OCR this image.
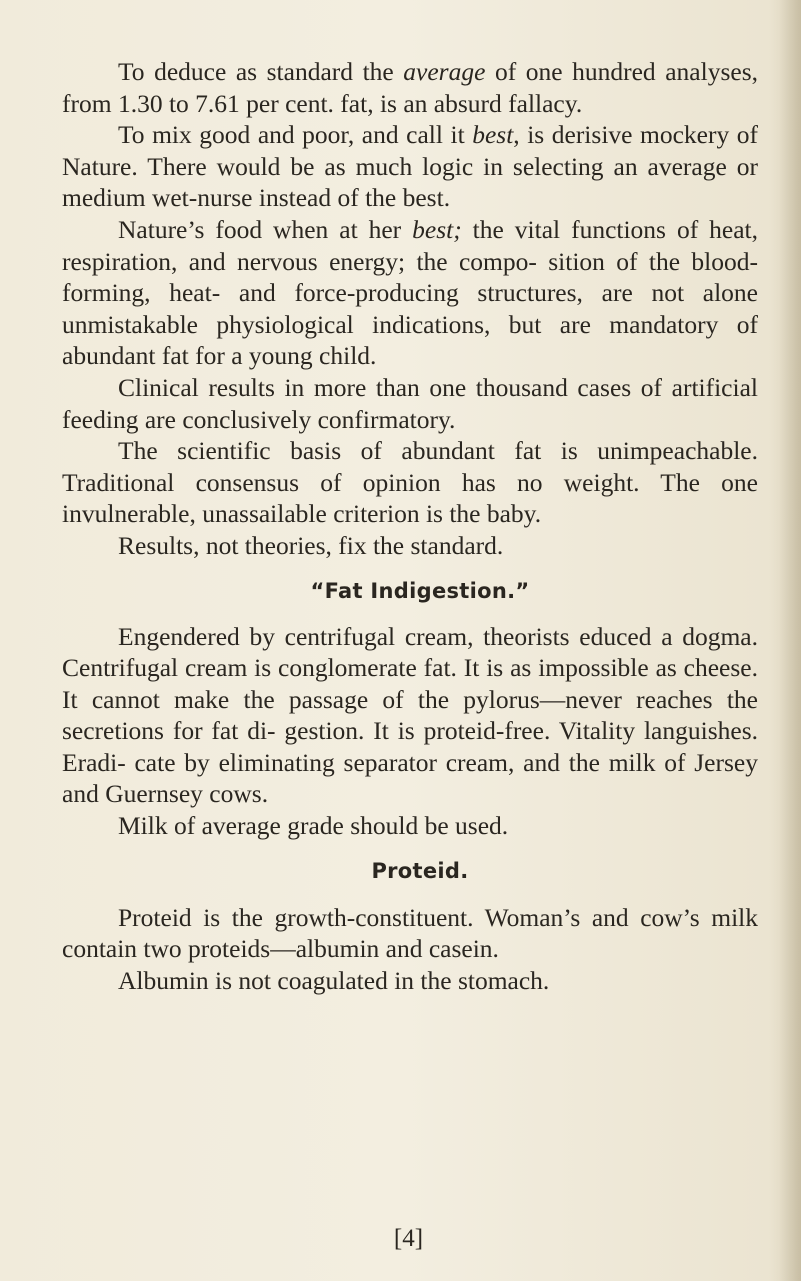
To deduce as standard the average of one hundred analyses, from 1.30 to 7.61 per cent. fat, is an absurd fallacy.

To mix good and poor, and call it best, is derisive mockery of Nature. There would be as much logic in selecting an average or medium wet-nurse instead of the best.

Nature’s food when at her best; the vital functions of heat, respiration, and nervous energy; the compo- sition of the blood-forming, heat- and force-producing structures, are not alone unmistakable physiological indications, but are mandatory of abundant fat for a young child.

Clinical results in more than one thousand cases of artificial feeding are conclusively confirmatory.

The scientific basis of abundant fat is unimpeachable. Traditional consensus of opinion has no weight. The one invulnerable, unassailable criterion is the baby.

Results, not theories, fix the standard.

“Fat Indigestion.”

Engendered by centrifugal cream, theorists educed a dogma. Centrifugal cream is conglomerate fat. It is as impossible as cheese. It cannot make the passage of the pylorus—never reaches the secretions for fat di- gestion. It is proteid-free. Vitality languishes. Eradi- cate by eliminating separator cream, and the milk of Jersey and Guernsey cows.

Milk of average grade should be used.

Proteid.

Proteid is the growth-constituent. Woman’s and cow’s milk contain two proteids—albumin and casein.

Albumin is not coagulated in the stomach.

[4]
